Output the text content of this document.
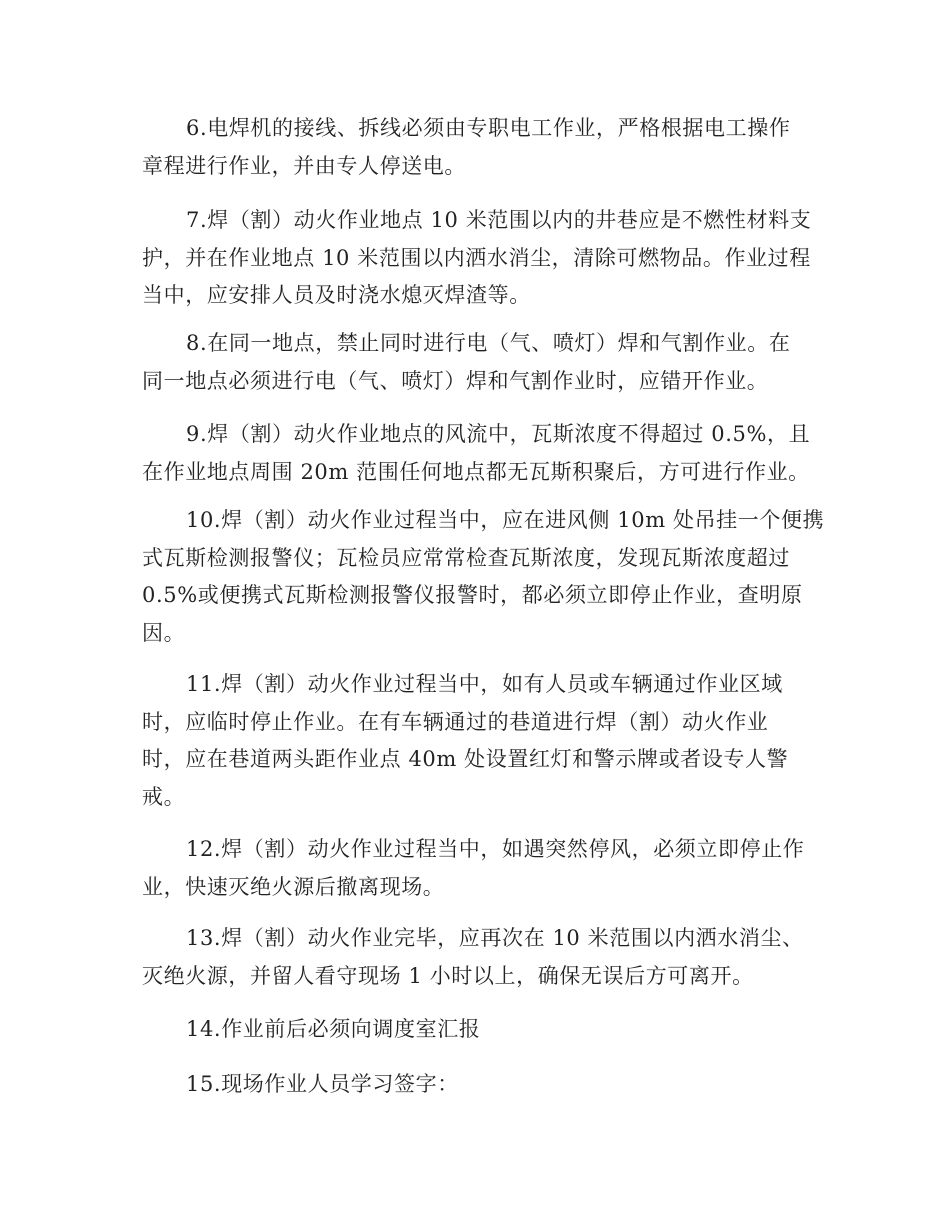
6.电焊机的接线、拆线必须由专职电工作业，严格根据电工操作
章程进行作业，并由专人停送电。
7.焊（割）动火作业地点 10 米范围以内的井巷应是不燃性材料支
护，并在作业地点 10 米范围以内洒水消尘，清除可燃物品。作业过程
当中，应安排人员及时浇水熄灭焊渣等。
8.在同一地点，禁止同时进行电（气、喷灯）焊和气割作业。在
同一地点必须进行电（气、喷灯）焊和气割作业时，应错开作业。
9.焊（割）动火作业地点的风流中，瓦斯浓度不得超过 0.5%，且
在作业地点周围 20m 范围任何地点都无瓦斯积聚后，方可进行作业。
10.焊（割）动火作业过程当中，应在进风侧 10m 处吊挂一个便携
式瓦斯检测报警仪；瓦检员应常常检查瓦斯浓度，发现瓦斯浓度超过
0.5%或便携式瓦斯检测报警仪报警时，都必须立即停止作业，查明原
因。
11.焊（割）动火作业过程当中，如有人员或车辆通过作业区域
时，应临时停止作业。在有车辆通过的巷道进行焊（割）动火作业
时，应在巷道两头距作业点 40m 处设置红灯和警示牌或者设专人警
戒。
12.焊（割）动火作业过程当中，如遇突然停风，必须立即停止作
业，快速灭绝火源后撤离现场。
13.焊（割）动火作业完毕，应再次在 10 米范围以内洒水消尘、
灭绝火源，并留人看守现场 1 小时以上，确保无误后方可离开。
14.作业前后必须向调度室汇报
15.现场作业人员学习签字：
